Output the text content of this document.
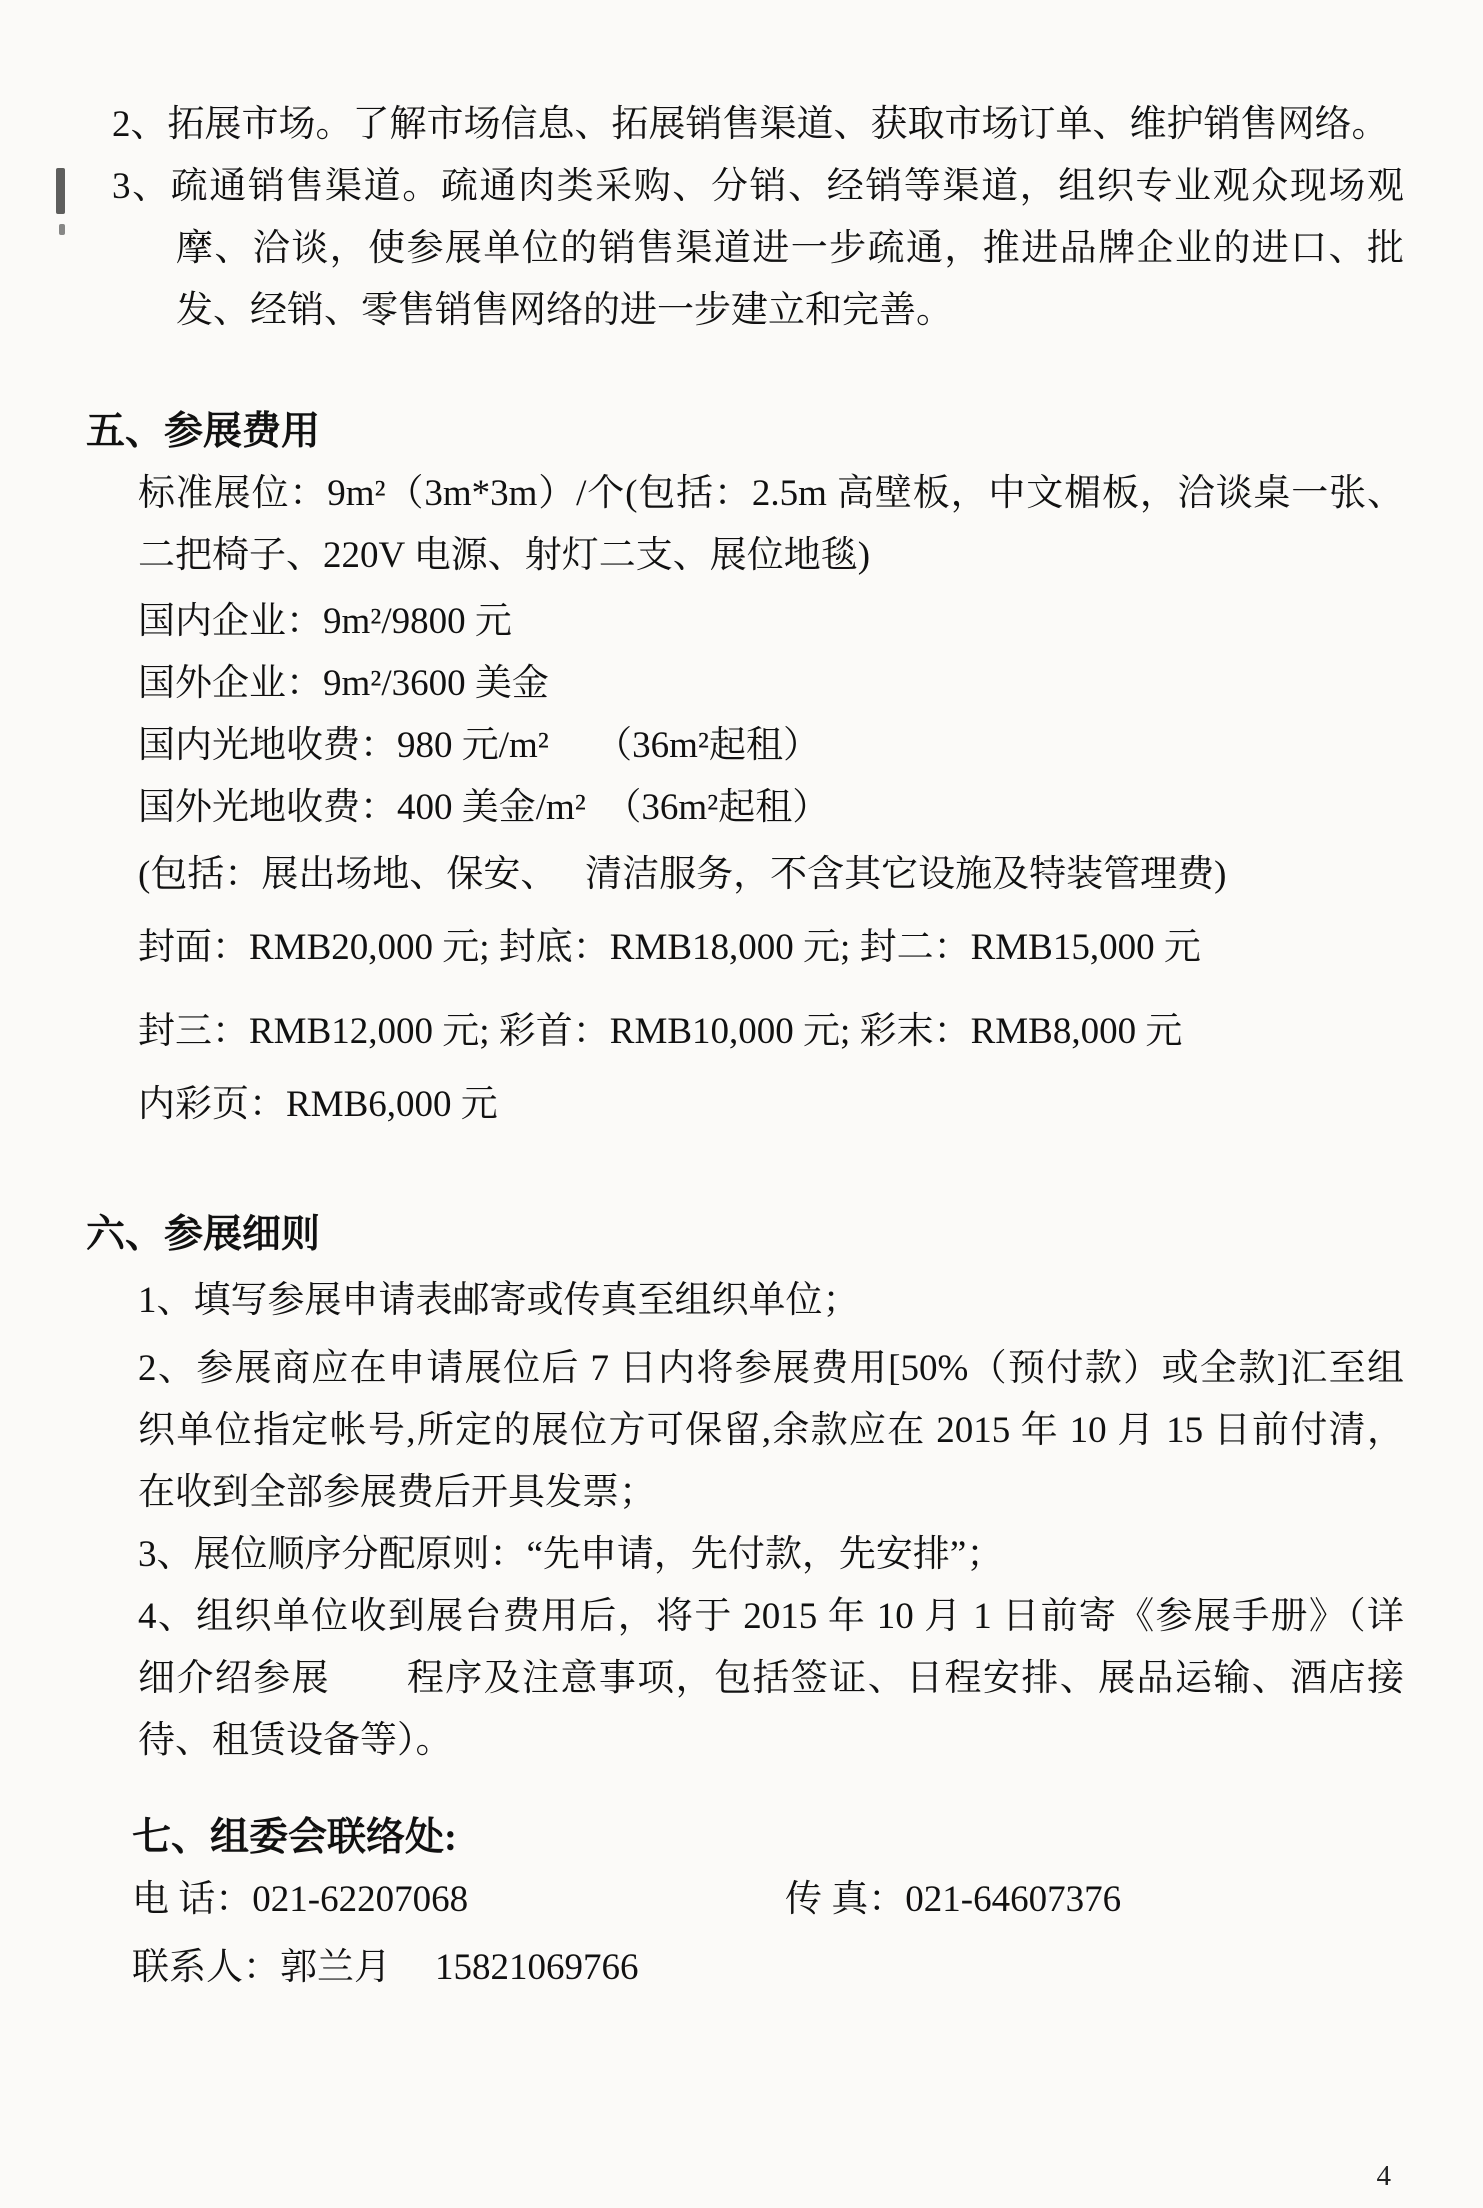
2、拓展市场。了解市场信息、拓展销售渠道、获取市场订单、维护销售网络。
3、疏通销售渠道。疏通肉类采购、分销、经销等渠道，组织专业观众现场观
摩、洽谈，使参展单位的销售渠道进一步疏通，推进品牌企业的进口、批
发、经销、零售销售网络的进一步建立和完善。
五、参展费用
标准展位：9m²（3m*3m）/个(包括：2.5m 高壁板，中文楣板，洽谈桌一张、
二把椅子、220V 电源、射灯二支、展位地毯)
国内企业：9m²/9800 元
国外企业：9m²/3600 美金
国内光地收费：980 元/m²　 （36m²起租）
国外光地收费：400 美金/m²　（36m²起租）
(包括：展出场地、保安、　 清洁服务，不含其它设施及特装管理费)
封面：RMB20,000 元; 封底：RMB18,000 元; 封二：RMB15,000 元
封三：RMB12,000 元; 彩首：RMB10,000 元; 彩末：RMB8,000 元
内彩页：RMB6,000 元
六、参展细则
1、填写参展申请表邮寄或传真至组织单位；
2、参展商应在申请展位后 7 日内将参展费用[50%（预付款）或全款]汇至组
织单位指定帐号,所定的展位方可保留,余款应在 2015 年 10 月 15 日前付清，
在收到全部参展费后开具发票；
3、展位顺序分配原则：“先申请，先付款，先安排”；
4、组织单位收到展台费用后，将于 2015 年 10 月 1 日前寄《参展手册》（详
细介绍参展　　程序及注意事项，包括签证、日程安排、展品运输、酒店接
待、租赁设备等）。
七、组委会联络处:
电 话：021-62207068	传 真：021-64607376
联系人：郭兰月 15821069766
4
